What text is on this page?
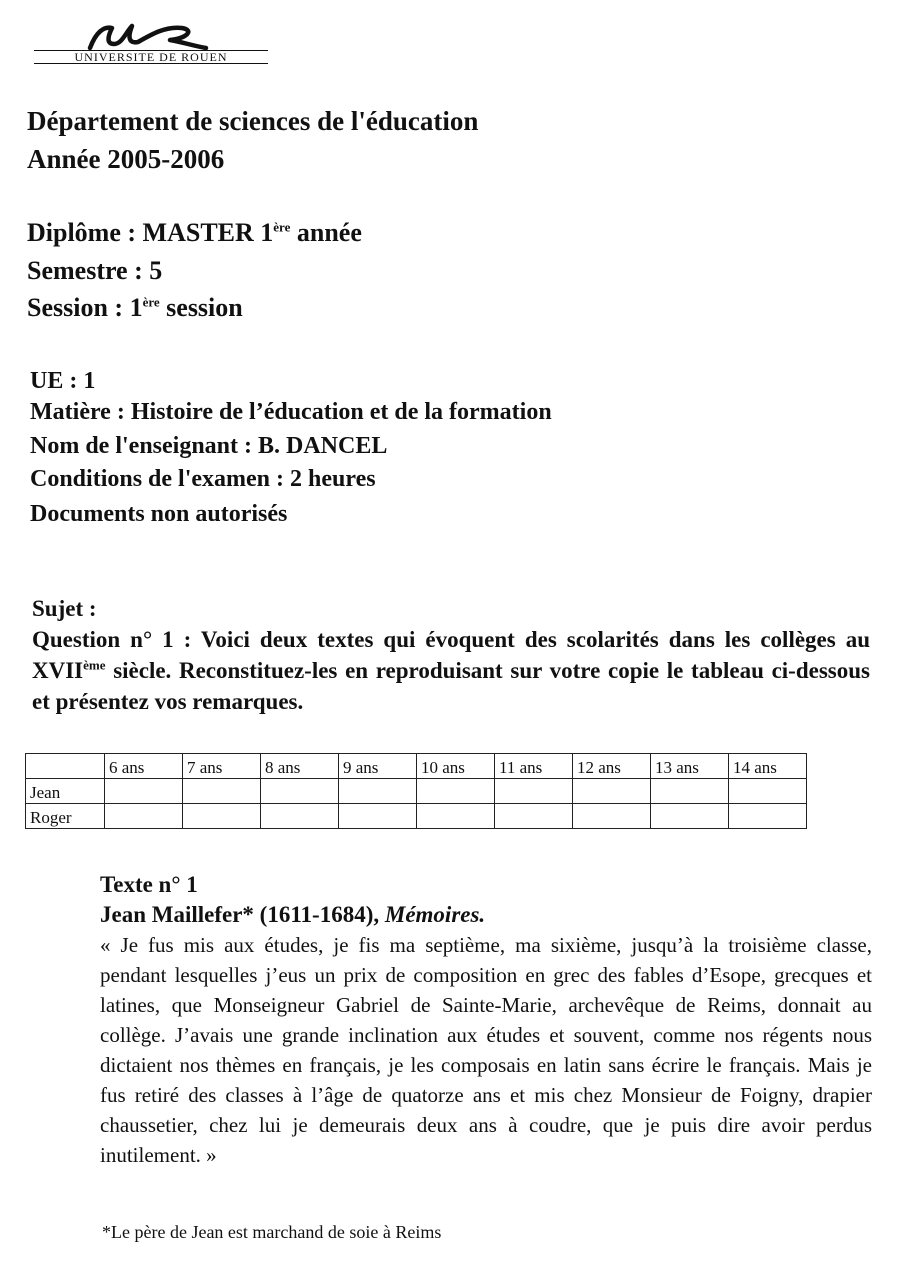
UNIVERSITE DE ROUEN
Département de sciences de l'éducation
Année 2005-2006
Diplôme : MASTER 1ère année
Semestre : 5
Session : 1ère session
UE : 1
Matière : Histoire de l’éducation et de la formation
Nom de l'enseignant : B. DANCEL
Conditions de l'examen : 2 heures
Documents non autorisés
Sujet :
Question n° 1 : Voici deux textes qui évoquent des scolarités dans les collèges au XVIIème siècle. Reconstituez-les en reproduisant sur votre copie le tableau ci-dessous et présentez vos remarques.
	6 ans	7 ans	8 ans	9 ans	10 ans	11 ans	12 ans	13 ans	14 ans
Jean									
Roger									
Texte n° 1
Jean Maillefer* (1611-1684), Mémoires.
« Je fus mis aux études, je fis ma septième, ma sixième, jusqu’à la troisième classe, pendant lesquelles j’eus un prix de composition en grec des fables d’Esope, grecques et latines, que Monseigneur Gabriel de Sainte-Marie, archevêque de Reims, donnait au collège. J’avais une grande inclination aux études et souvent, comme nos régents nous dictaient nos thèmes en français, je les composais en latin sans écrire le français. Mais je fus retiré des classes à l’âge de quatorze ans et mis chez Monsieur de Foigny, drapier chaussetier, chez lui je demeurais deux ans à coudre, que je puis dire avoir perdus inutilement. »
*Le père de Jean est marchand de soie à Reims
